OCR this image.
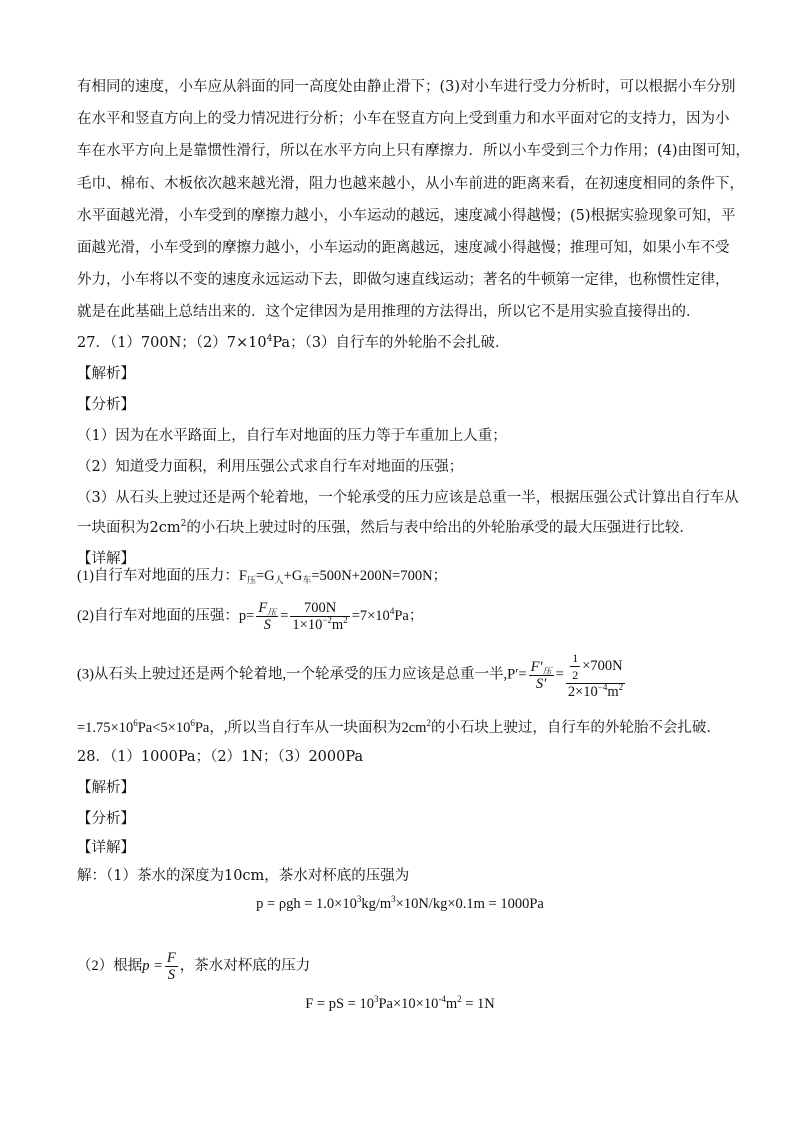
有相同的速度，小车应从斜面的同一高度处由静止滑下；(3)对小车进行受力分析时，可以根据小车分别
在水平和竖直方向上的受力情况进行分析；小车在竖直方向上受到重力和水平面对它的支持力，因为小
车在水平方向上是靠惯性滑行，所以在水平方向上只有摩擦力．所以小车受到三个力作用；(4)由图可知，
毛巾、棉布、木板依次越来越光滑，阻力也越来越小，从小车前进的距离来看，在初速度相同的条件下，
水平面越光滑，小车受到的摩擦力越小，小车运动的越远，速度减小得越慢；(5)根据实验现象可知，平
面越光滑，小车受到的摩擦力越小，小车运动的距离越远，速度减小得越慢；推理可知，如果小车不受
外力，小车将以不变的速度永远运动下去，即做匀速直线运动；著名的牛顿第一定律，也称惯性定律，
就是在此基础上总结出来的．这个定律因为是用推理的方法得出，所以它不是用实验直接得出的．
27．（1）700N；$(2)7\times 10^4Pa$；（3）自行车的外轮胎不会扎破．
【解析】
【分析】
（1）因为在水平路面上，自行车对地面的压力等于车重加上人重；
（2）知道受力面积，利用压强公式求自行车对地面的压强；
（3）从石头上驶过还是两个轮着地，一个轮承受的压力应该是总重一半，根据压强公式计算出自行车从
一块面积为$2cm^2$的小石块上驶过时的压强，然后与表中给出的外轮胎承受的最大压强进行比较．
【详解】
(1)自行车对地面的压力：$F_压=G_人+G_车=500N+200N=700N$；
(2)自行车对地面的压强：$p= \frac{F_压}{S} = \frac{700N}{1\times 10^{-2}m^2} =7\times 10^4Pa$；
(3)从石头上驶过还是两个轮着地,一个轮承受的压力应该是总重一半$,P'= \frac{F'_压}{S'} = \frac{\frac{1}{2} \times 700N}{2\times 10^{-4}m^2}$
$=1.75\times 10^6Pa<5\times 10^6Pa$，,所以当自行车从一块面积为$2cm^2$的小石块上驶过，自行车的外轮胎不会扎破．
28．（1）1000Pa；（2）1N；（3）2000Pa
【解析】
【分析】
【详解】
解：（1）茶水的深度为10cm，茶水对杯底的压强为
$p = \rho gh = 1.0\times 10^3kg/m^3\times 10N/kg\times 0.1m = 1000Pa$
（2）根据$p = \frac{F}{S}$ ，茶水对杯底的压力
F = pS = $10^3Pa\times 10\times 10^{-4}m^2 = 1N$
